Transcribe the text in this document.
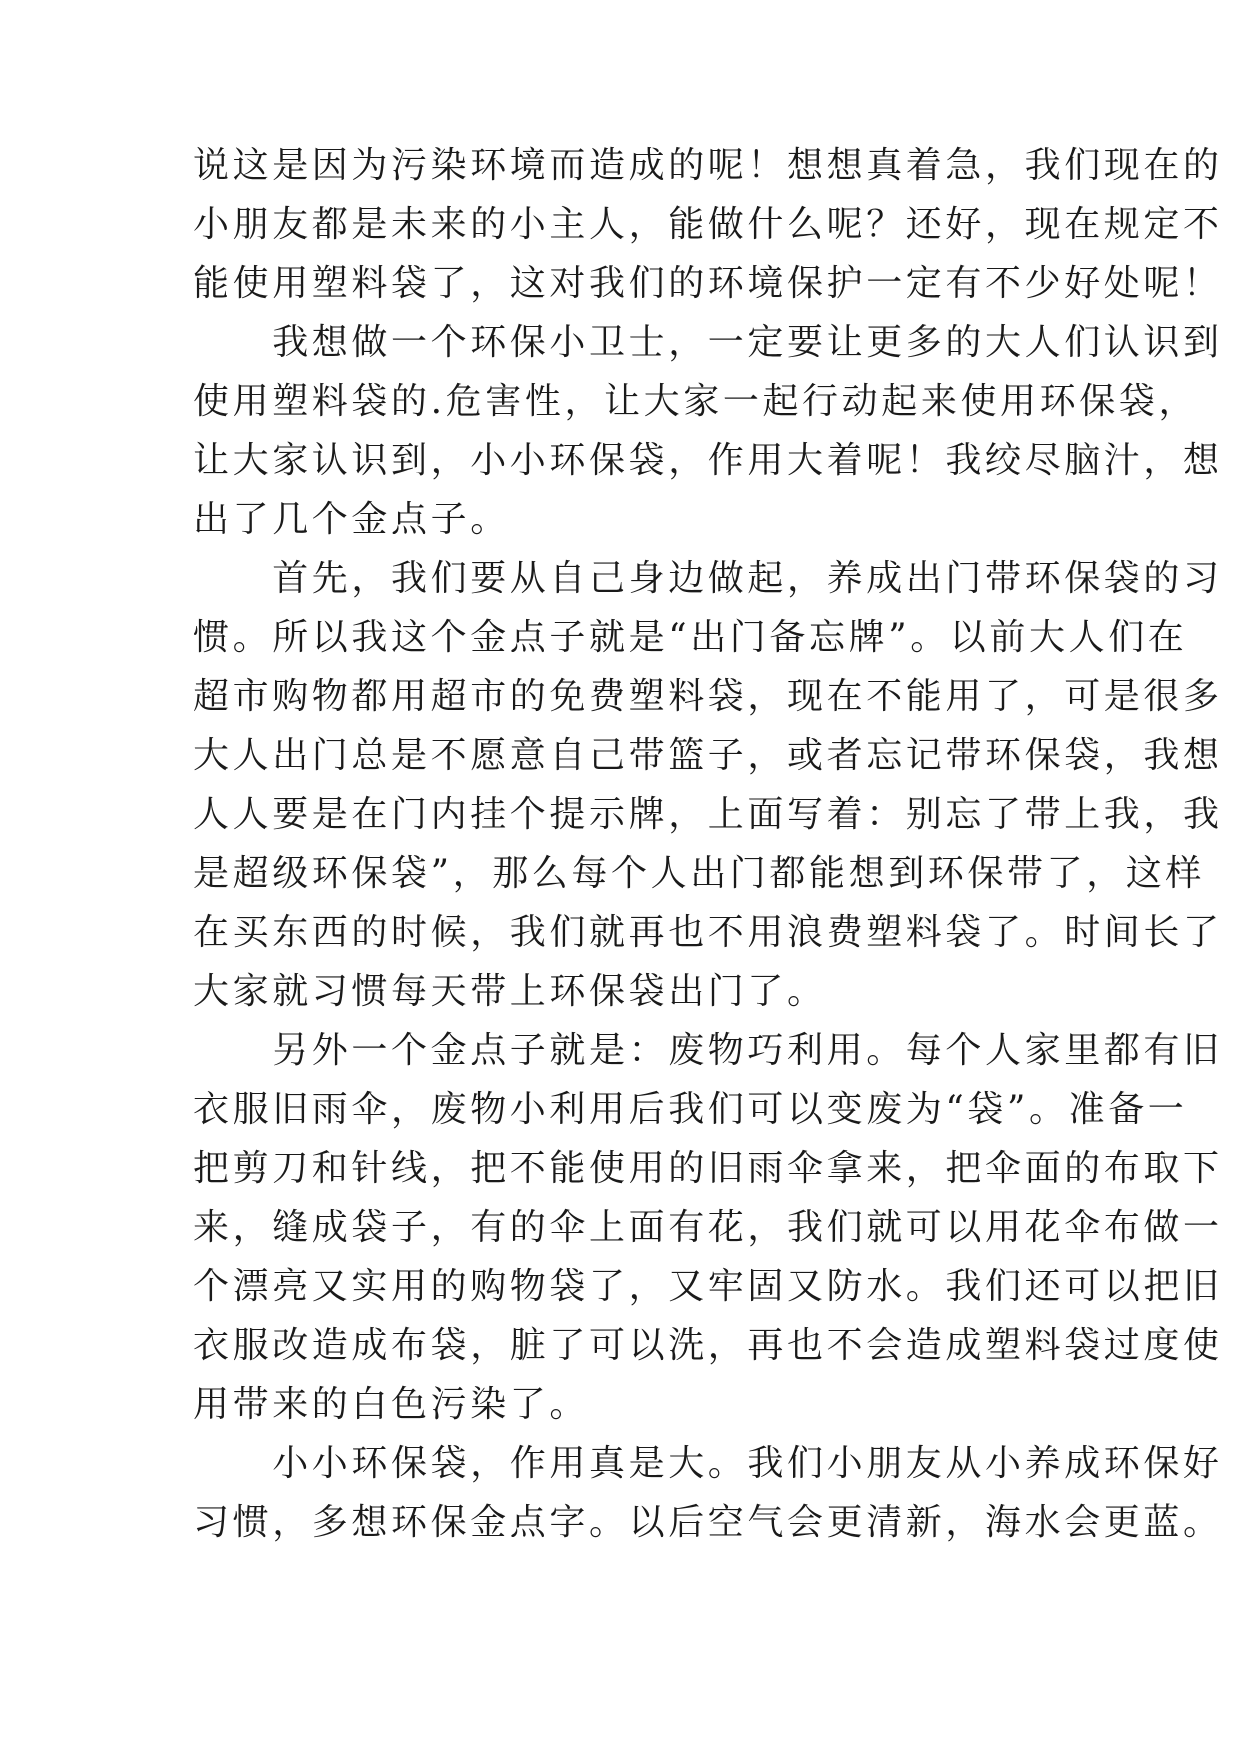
说这是因为污染环境而造成的呢！想想真着急，我们现在的

小朋友都是未来的小主人，能做什么呢？还好，现在规定不

能使用塑料袋了，这对我们的环境保护一定有不少好处呢！

　　我想做一个环保小卫士，一定要让更多的大人们认识到

使用塑料袋的.危害性，让大家一起行动起来使用环保袋，

让大家认识到，小小环保袋，作用大着呢！我绞尽脑汁，想

出了几个金点子。

　　首先，我们要从自己身边做起，养成出门带环保袋的习

惯。所以我这个金点子就是“出门备忘牌”。以前大人们在

超市购物都用超市的免费塑料袋，现在不能用了，可是很多

大人出门总是不愿意自己带篮子，或者忘记带环保袋，我想

人人要是在门内挂个提示牌，上面写着：别忘了带上我，我

是超级环保袋”，那么每个人出门都能想到环保带了，这样

在买东西的时候，我们就再也不用浪费塑料袋了。时间长了

大家就习惯每天带上环保袋出门了。

　　另外一个金点子就是：废物巧利用。每个人家里都有旧

衣服旧雨伞，废物小利用后我们可以变废为“袋”。准备一

把剪刀和针线，把不能使用的旧雨伞拿来，把伞面的布取下

来，缝成袋子，有的伞上面有花，我们就可以用花伞布做一

个漂亮又实用的购物袋了，又牢固又防水。我们还可以把旧

衣服改造成布袋，脏了可以洗，再也不会造成塑料袋过度使

用带来的白色污染了。

　　小小环保袋，作用真是大。我们小朋友从小养成环保好

习惯，多想环保金点字。以后空气会更清新，海水会更蓝。
